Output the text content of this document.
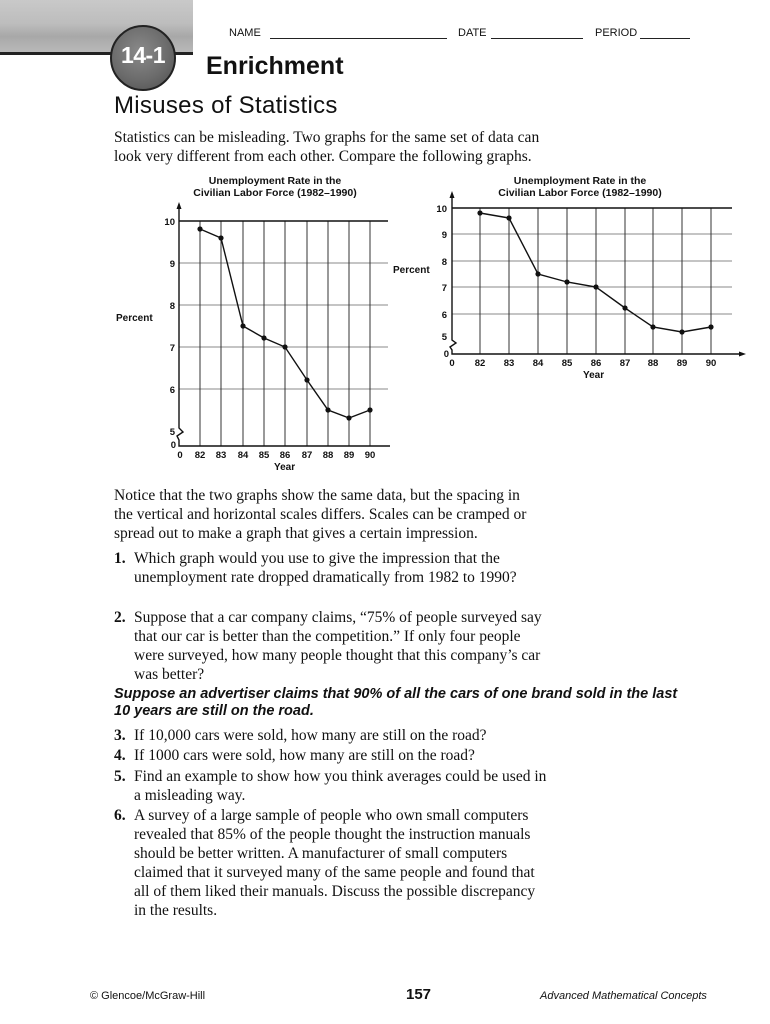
14-1
NAME	DATE	PERIOD
Enrichment
Misuses of Statistics
Statistics can be misleading. Two graphs for the same set of data can
look very different from each other. Compare the following graphs.
Unemployment Rate in the
Civilian Labor Force (1982–1990)
Percent
Year
10
9
8
7
6
5
0
0 82 83 84 85 86 87 88 89 90
10
9
8
7
6
5
0
0 82 83 84 85 86 87 88 89 90
Unemployment Rate in the
Civilian Labor Force (1982–1990)
Percent
Year
Notice that the two graphs show the same data, but the spacing in
the vertical and horizontal scales differs. Scales can be cramped or
spread out to make a graph that gives a certain impression.
1. Which graph would you use to give the impression that the
unemployment rate dropped dramatically from 1982 to 1990?
2. Suppose that a car company claims, “75% of people surveyed say
that our car is better than the competition.” If only four people
were surveyed, how many people thought that this company’s car
was better?
Suppose an advertiser claims that 90% of all the cars of one brand sold in the last
10 years are still on the road.
3. If 10,000 cars were sold, how many are still on the road?
4. If 1000 cars were sold, how many are still on the road?
5. Find an example to show how you think averages could be used in
a misleading way.
6. A survey of a large sample of people who own small computers
revealed that 85% of the people thought the instruction manuals
should be better written. A manufacturer of small computers
claimed that it surveyed many of the same people and found that
all of them liked their manuals. Discuss the possible discrepancy
in the results.
© Glencoe/McGraw-Hill	157	Advanced Mathematical Concepts
